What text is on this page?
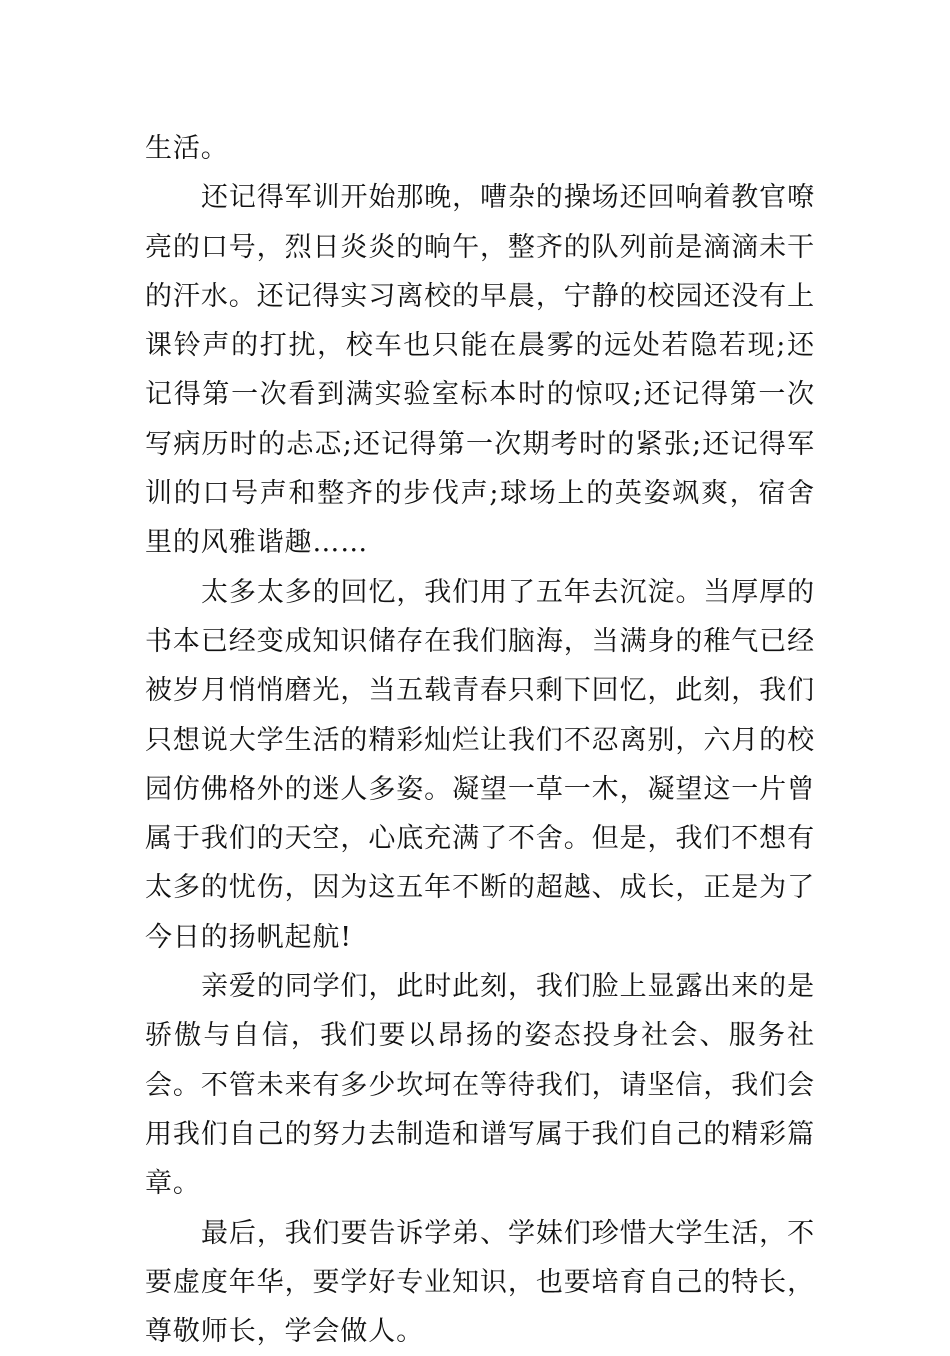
生活。

还记得军训开始那晚，嘈杂的操场还回响着教官嘹亮的口号，烈日炎炎的晌午，整齐的队列前是滴滴未干的汗水。还记得实习离校的早晨，宁静的校园还没有上课铃声的打扰，校车也只能在晨雾的远处若隐若现;还记得第一次看到满实验室标本时的惊叹;还记得第一次写病历时的忐忑;还记得第一次期考时的紧张;还记得军训的口号声和整齐的步伐声;球场上的英姿飒爽，宿舍里的风雅谐趣……

太多太多的回忆，我们用了五年去沉淀。当厚厚的书本已经变成知识储存在我们脑海，当满身的稚气已经被岁月悄悄磨光，当五载青春只剩下回忆，此刻，我们只想说大学生活的精彩灿烂让我们不忍离别，六月的校园仿佛格外的迷人多姿。凝望一草一木，凝望这一片曾属于我们的天空，心底充满了不舍。但是，我们不想有太多的忧伤，因为这五年不断的超越、成长，正是为了今日的扬帆起航!

亲爱的同学们，此时此刻，我们脸上显露出来的是骄傲与自信，我们要以昂扬的姿态投身社会、服务社会。不管未来有多少坎坷在等待我们，请坚信，我们会用我们自己的努力去制造和谱写属于我们自己的精彩篇章。

最后，我们要告诉学弟、学妹们珍惜大学生活，不要虚度年华，要学好专业知识，也要培育自己的特长，尊敬师长，学会做人。
